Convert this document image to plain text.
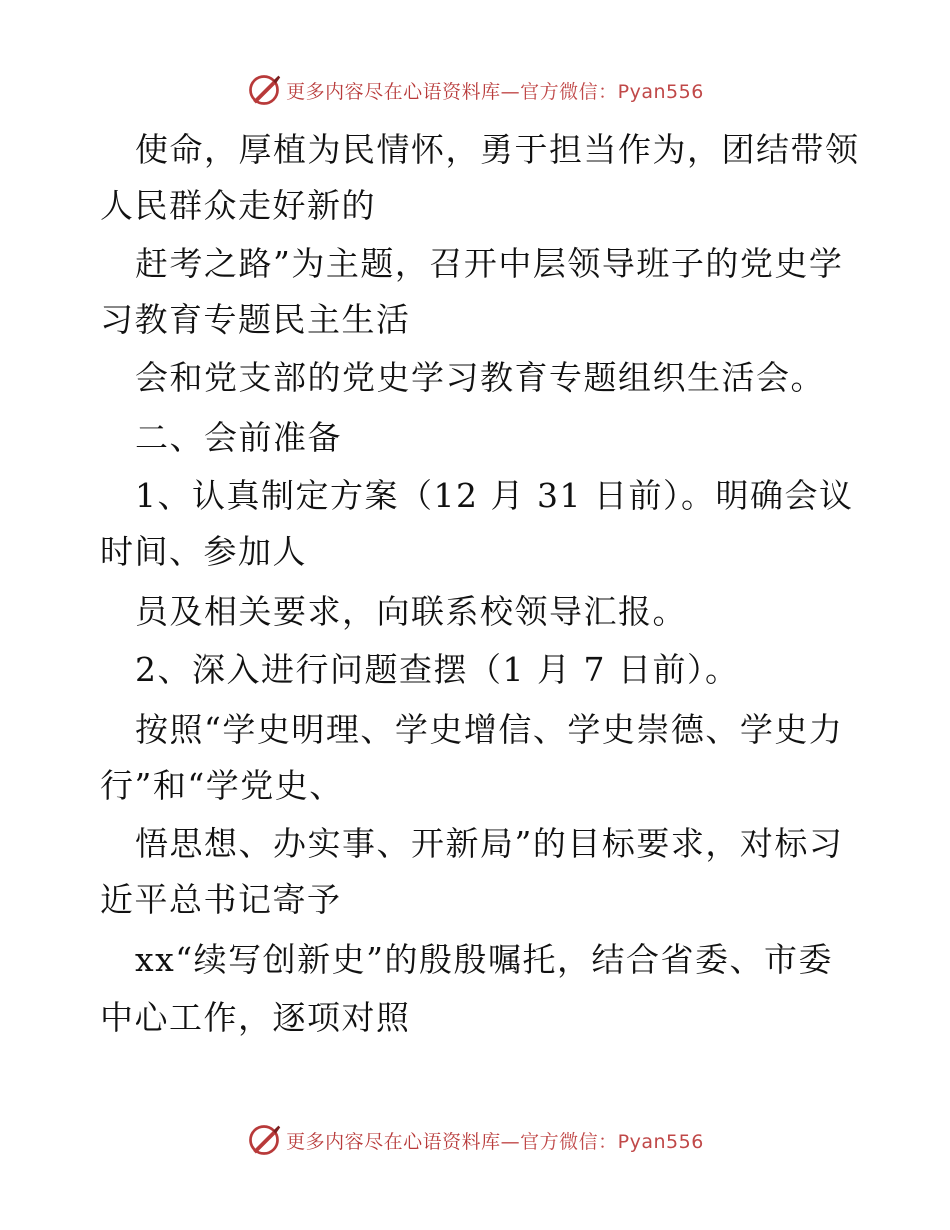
更多内容尽在心语资料库—官方微信：Pyan556
使命，厚植为民情怀，勇于担当作为，团结带领
人民群众走好新的
赶考之路”为主题，召开中层领导班子的党史学
习教育专题民主生活
会和党支部的党史学习教育专题组织生活会。
二、会前准备
1、认真制定方案（12 月 31 日前）。明确会议
时间、参加人
员及相关要求，向联系校领导汇报。
2、深入进行问题查摆（1 月 7 日前）。
按照“学史明理、学史增信、学史崇德、学史力
行”和“学党史、
悟思想、办实事、开新局”的目标要求，对标习
近平总书记寄予
xx“续写创新史”的殷殷嘱托，结合省委、市委
中心工作，逐项对照
更多内容尽在心语资料库—官方微信：Pyan556
